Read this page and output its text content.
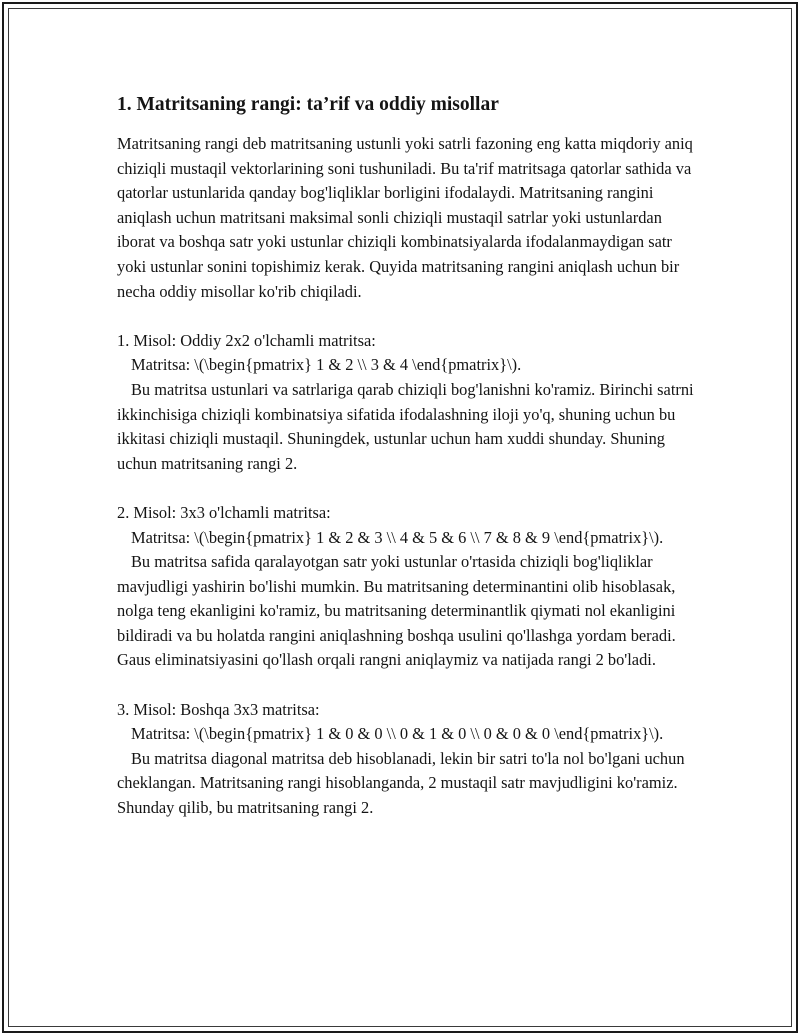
1. Matritsaning rangi: ta’rif va oddiy misollar

Matritsaning rangi deb matritsaning ustunli yoki satrli fazoning eng katta miqdoriy aniq chiziqli mustaqil vektorlarining soni tushuniladi. Bu ta'rif matritsaga qatorlar sathida va qatorlar ustunlarida qanday bog'liqliklar borligini ifodalaydi. Matritsaning rangini aniqlash uchun matritsani maksimal sonli chiziqli mustaqil satrlar yoki ustunlardan iborat va boshqa satr yoki ustunlar chiziqli kombinatsiyalarda ifodalanmaydigan satr yoki ustunlar sonini topishimiz kerak. Quyida matritsaning rangini aniqlash uchun bir necha oddiy misollar ko'rib chiqiladi.

1. Misol: Oddiy 2x2 o'lchamli matritsa:

Matritsa: \(\begin{pmatrix} 1 & 2 \\ 3 & 4 \end{pmatrix}\).

Bu matritsa ustunlari va satrlariga qarab chiziqli bog'lanishni ko'ramiz. Birinchi satrni ikkinchisiga chiziqli kombinatsiya sifatida ifodalashning iloji yo'q, shuning uchun bu ikkitasi chiziqli mustaqil. Shuningdek, ustunlar uchun ham xuddi shunday. Shuning uchun matritsaning rangi 2.

2. Misol: 3x3 o'lchamli matritsa:

Matritsa: \(\begin{pmatrix} 1 & 2 & 3 \\ 4 & 5 & 6 \\ 7 & 8 & 9 \end{pmatrix}\).

Bu matritsa safida qaralayotgan satr yoki ustunlar o'rtasida chiziqli bog'liqliklar mavjudligi yashirin bo'lishi mumkin. Bu matritsaning determinantini olib hisoblasak, nolga teng ekanligini ko'ramiz, bu matritsaning determinantlik qiymati nol ekanligini bildiradi va bu holatda rangini aniqlashning boshqa usulini qo'llashga yordam beradi. Gaus eliminatsiyasini qo'llash orqali rangni aniqlaymiz va natijada rangi 2 bo'ladi.

3. Misol: Boshqa 3x3 matritsa:

Matritsa: \(\begin{pmatrix} 1 & 0 & 0 \\ 0 & 1 & 0 \\ 0 & 0 & 0 \end{pmatrix}\).

Bu matritsa diagonal matritsa deb hisoblanadi, lekin bir satri to'la nol bo'lgani uchun cheklangan. Matritsaning rangi hisoblanganda, 2 mustaqil satr mavjudligini ko'ramiz. Shunday qilib, bu matritsaning rangi 2.
